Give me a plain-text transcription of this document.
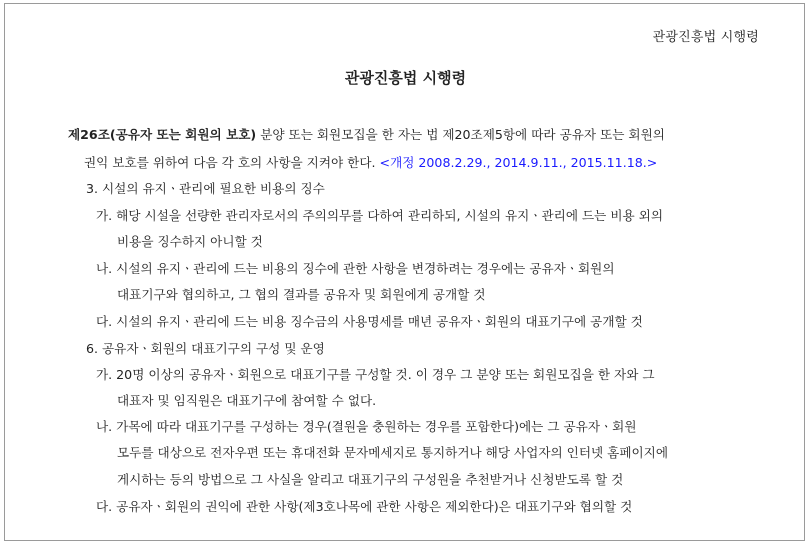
관광진흥법 시행령
관광진흥법 시행령
제26조(공유자 또는 회원의 보호) 분양 또는 회원모집을 한 자는 법 제20조제5항에 따라 공유자 또는 회원의
권익 보호를 위하여 다음 각 호의 사항을 지켜야 한다. <개정 2008.2.29., 2014.9.11., 2015.11.18.>
3. 시설의 유지ㆍ관리에 필요한 비용의 징수
가. 해당 시설을 선량한 관리자로서의 주의의무를 다하여 관리하되, 시설의 유지ㆍ관리에 드는 비용 외의
비용을 징수하지 아니할 것
나. 시설의 유지ㆍ관리에 드는 비용의 징수에 관한 사항을 변경하려는 경우에는 공유자ㆍ회원의
대표기구와 협의하고, 그 협의 결과를 공유자 및 회원에게 공개할 것
다. 시설의 유지ㆍ관리에 드는 비용 징수금의 사용명세를 매년 공유자ㆍ회원의 대표기구에 공개할 것
6. 공유자ㆍ회원의 대표기구의 구성 및 운영
가. 20명 이상의 공유자ㆍ회원으로 대표기구를 구성할 것. 이 경우 그 분양 또는 회원모집을 한 자와 그
대표자 및 임직원은 대표기구에 참여할 수 없다.
나. 가목에 따라 대표기구를 구성하는 경우(결원을 충원하는 경우를 포함한다)에는 그 공유자ㆍ회원
모두를 대상으로 전자우편 또는 휴대전화 문자메세지로 통지하거나 해당 사업자의 인터넷 홈페이지에
게시하는 등의 방법으로 그 사실을 알리고 대표기구의 구성원을 추천받거나 신청받도록 할 것
다. 공유자ㆍ회원의 권익에 관한 사항(제3호나목에 관한 사항은 제외한다)은 대표기구와 협의할 것
